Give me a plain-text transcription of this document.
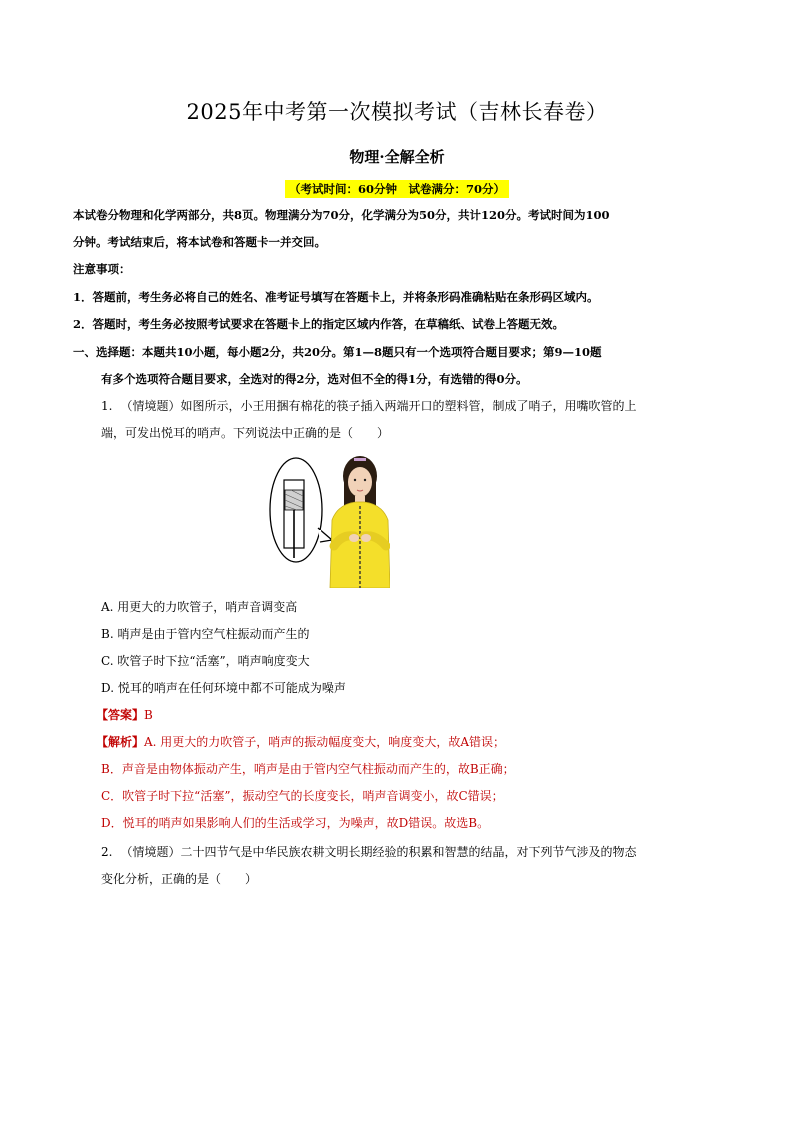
2025年中考第一次模拟考试（吉林长春卷）
物理·全解全析
（考试时间：60分钟　试卷满分：70分）
本试卷分物理和化学两部分，共8页。物理满分为70分，化学满分为50分，共计120分。考试时间为100
分钟。考试结束后，将本试卷和答题卡一并交回。
注意事项：
1．答题前，考生务必将自己的姓名、准考证号填写在答题卡上，并将条形码准确粘贴在条形码区域内。
2．答题时，考生务必按照考试要求在答题卡上的指定区域内作答，在草稿纸、试卷上答题无效。
一、选择题：本题共10小题，每小题2分，共20分。第1—8题只有一个选项符合题目要求；第9—10题
有多个选项符合题目要求，全选对的得2分，选对但不全的得1分，有选错的得0分。
1. （情境题）如图所示，小王用捆有棉花的筷子插入两端开口的塑料管，制成了哨子，用嘴吹管的上
端，可发出悦耳的哨声。下列说法中正确的是（　　）
A. 用更大的力吹管子，哨声音调变高
B. 哨声是由于管内空气柱振动而产生的
C. 吹管子时下拉“活塞”，哨声响度变大
D. 悦耳的哨声在任何环境中都不可能成为噪声
【答案】B
【解析】A. 用更大的力吹管子，哨声的振动幅度变大，响度变大，故A错误；
B．声音是由物体振动产生，哨声是由于管内空气柱振动而产生的，故B正确；
C．吹管子时下拉“活塞”，振动空气的长度变长，哨声音调变小，故C错误；
D．悦耳的哨声如果影响人们的生活或学习，为噪声，故D错误。故选B。
2. （情境题）二十四节气是中华民族农耕文明长期经验的积累和智慧的结晶，对下列节气涉及的物态
变化分析，正确的是（　　）
